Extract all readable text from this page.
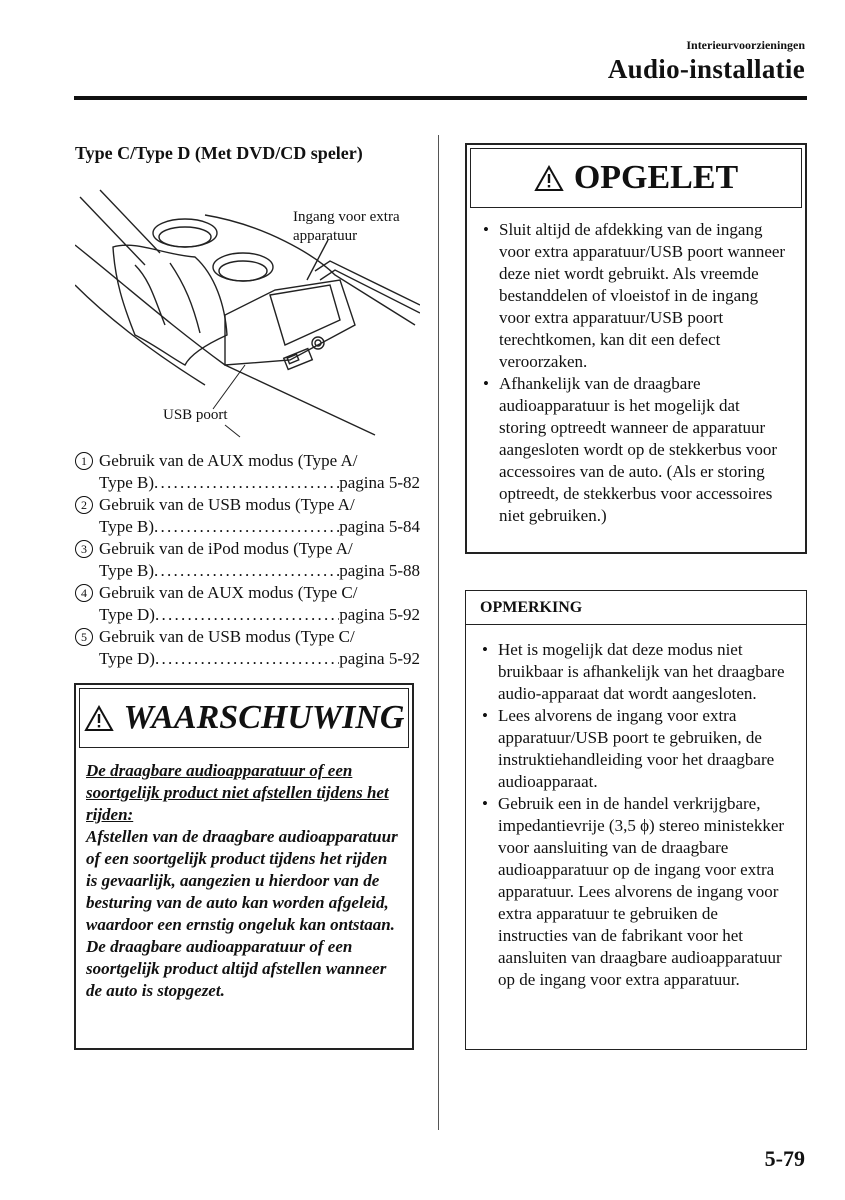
Interieurvoorzieningen
Audio-installatie
Type C/Type D (Met DVD/CD speler)
Ingang voor extra apparatuur
USB poort
1 Gebruik van de AUX modus (Type A/
Type B) . . .	pagina 5-82
2 Gebruik van de USB modus (Type A/
Type B) . . .	pagina 5-84
3 Gebruik van de iPod modus (Type A/
Type B) . . .	pagina 5-88
4 Gebruik van de AUX modus (Type C/
Type D) . . .	pagina 5-92
5 Gebruik van de USB modus (Type C/
Type D) . . .	pagina 5-92
WAARSCHUWING
De draagbare audioapparatuur of een soortgelijk product niet afstellen tijdens het rijden:
Afstellen van de draagbare audioapparatuur of een soortgelijk product tijdens het rijden is gevaarlijk, aangezien u hierdoor van de besturing van de auto kan worden afgeleid, waardoor een ernstig ongeluk kan ontstaan. De draagbare audioapparatuur of een soortgelijk product altijd afstellen wanneer de auto is stopgezet.
OPGELET
• Sluit altijd de afdekking van de ingang voor extra apparatuur/USB poort wanneer deze niet wordt gebruikt. Als vreemde bestanddelen of vloeistof in de ingang voor extra apparatuur/USB poort terechtkomen, kan dit een defect veroorzaken.
• Afhankelijk van de draagbare audioapparatuur is het mogelijk dat storing optreedt wanneer de apparatuur aangesloten wordt op de stekkerbus voor accessoires van de auto. (Als er storing optreedt, de stekkerbus voor accessoires niet gebruiken.)
OPMERKING
• Het is mogelijk dat deze modus niet bruikbaar is afhankelijk van het draagbare audio-apparaat dat wordt aangesloten.
• Lees alvorens de ingang voor extra apparatuur/USB poort te gebruiken, de instruktiehandleiding voor het draagbare audioapparaat.
• Gebruik een in de handel verkrijgbare, impedantievrije (3,5 ϕ) stereo ministekker voor aansluiting van de draagbare audioapparatuur op de ingang voor extra apparatuur. Lees alvorens de ingang voor extra apparatuur te gebruiken de instructies van de fabrikant voor het aansluiten van draagbare audioapparatuur op de ingang voor extra apparatuur.
5-79
